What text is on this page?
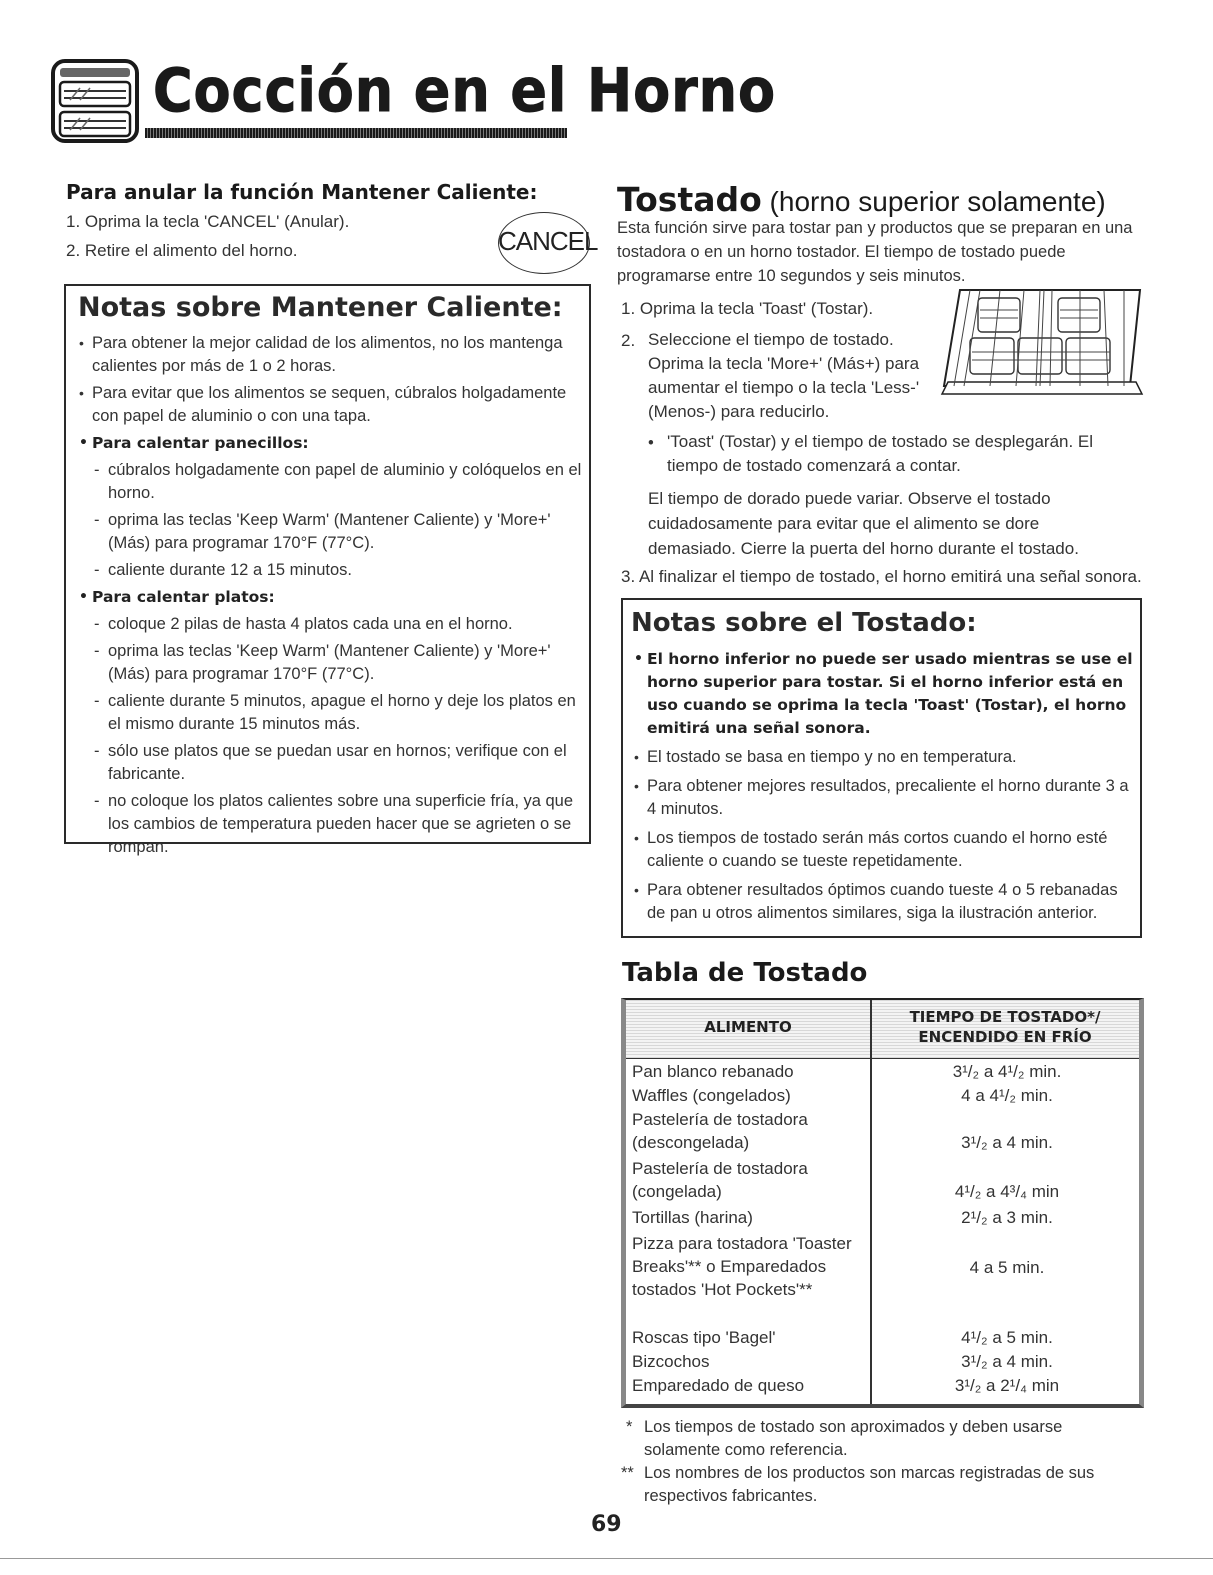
Cocción en el Horno
Para anular la función Mantener Caliente:
1. Oprima la tecla 'CANCEL' (Anular).
2. Retire el alimento del horno.	CANCEL
Notas sobre Mantener Caliente:
• Para obtener la mejor calidad de los alimentos, no los mantenga calientes por más de 1 o 2 horas.
• Para evitar que los alimentos se sequen, cúbralos holgadamente con papel de aluminio o con una tapa.
• Para calentar panecillos:
- cúbralos holgadamente con papel de aluminio y colóquelos en el horno.
- oprima las teclas 'Keep Warm' (Mantener Caliente) y 'More+' (Más) para programar 170°F (77°C).
- caliente durante 12 a 15 minutos.
• Para calentar platos:
- coloque 2 pilas de hasta 4 platos cada una en el horno.
- oprima las teclas 'Keep Warm' (Mantener Caliente) y 'More+' (Más) para programar 170°F (77°C).
- caliente durante 5 minutos, apague el horno y deje los platos en el mismo durante 15 minutos más.
- sólo use platos que se puedan usar en hornos; verifique con el fabricante.
- no coloque los platos calientes sobre una superficie fría, ya que los cambios de temperatura pueden hacer que se agrieten o se rompan.
Tostado (horno superior solamente)
Esta función sirve para tostar pan y productos que se preparan en una tostadora o en un horno tostador. El tiempo de tostado puede programarse entre 10 segundos y seis minutos.
1. Oprima la tecla 'Toast' (Tostar).
2. Seleccione el tiempo de tostado. Oprima la tecla 'More+' (Más+) para aumentar el tiempo o la tecla 'Less-' (Menos-) para reducirlo.
• 'Toast' (Tostar) y el tiempo de tostado se desplegarán. El tiempo de tostado comenzará a contar.
El tiempo de dorado puede variar. Observe el tostado cuidadosamente para evitar que el alimento se dore demasiado. Cierre la puerta del horno durante el tostado.
3. Al finalizar el tiempo de tostado, el horno emitirá una señal sonora.
Notas sobre el Tostado:
• El horno inferior no puede ser usado mientras se use el horno superior para tostar. Si el horno inferior está en uso cuando se oprima la tecla 'Toast' (Tostar), el horno emitirá una señal sonora.
• El tostado se basa en tiempo y no en temperatura.
• Para obtener mejores resultados, precaliente el horno durante 3 a 4 minutos.
• Los tiempos de tostado serán más cortos cuando el horno esté caliente o cuando se tueste repetidamente.
• Para obtener resultados óptimos cuando tueste 4 o 5 rebanadas de pan u otros alimentos similares, siga la ilustración anterior.
Tabla de Tostado
ALIMENTO
TIEMPO DE TOSTADO*/
ENCENDIDO EN FRÍO
Pan blanco rebanado	3¹/₂ a 4¹/₂ min.
Waffles (congelados)	4 a 4¹/₂ min.
Pastelería de tostadora (descongelada)	3¹/₂ a 4 min.
Pastelería de tostadora (congelada)	4¹/₂ a 4³/₄ min
Tortillas (harina)	2¹/₂ a 3 min.
Pizza para tostadora 'Toaster Breaks'** o Emparedados tostados 'Hot Pockets'**
4 a 5 min.
Roscas tipo 'Bagel'	4¹/₂ a 5 min.
Bizcochos	3¹/₂ a 4 min.
Emparedado de queso	3¹/₂ a 2¹/₄ min
* Los tiempos de tostado son aproximados y deben usarse solamente como referencia.
** Los nombres de los productos son marcas registradas de sus respectivos fabricantes.
69
